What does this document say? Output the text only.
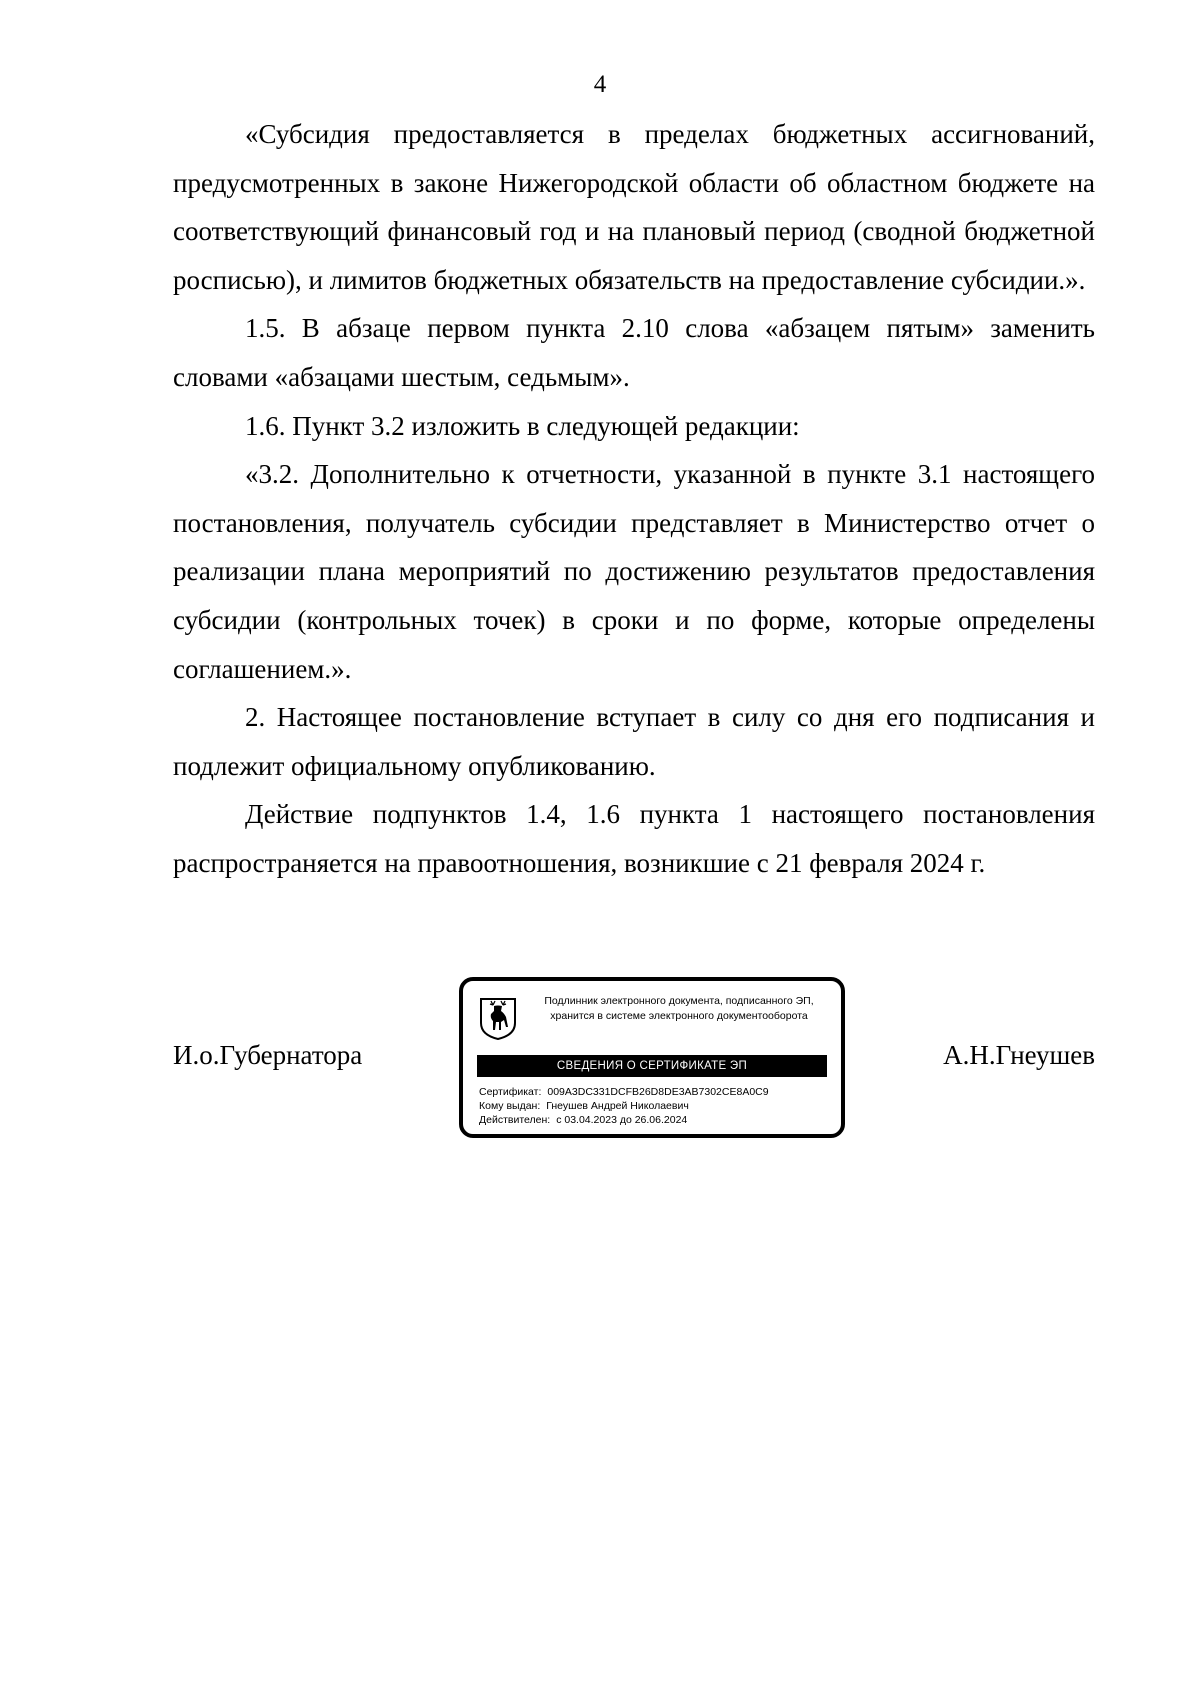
4

«Субсидия предоставляется в пределах бюджетных ассигнований, предусмотренных в законе Нижегородской области об областном бюджете на соответствующий финансовый год и на плановый период (сводной бюджетной росписью), и лимитов бюджетных обязательств на предоставление субсидии.».

1.5. В абзаце первом пункта 2.10 слова «абзацем пятым» заменить словами «абзацами шестым, седьмым».

1.6. Пункт 3.2 изложить в следующей редакции:

«3.2. Дополнительно к отчетности, указанной в пункте 3.1 настоящего постановления, получатель субсидии представляет в Министерство отчет о реализации плана мероприятий по достижению результатов предоставления субсидии (контрольных точек) в сроки и по форме, которые определены соглашением.».

2. Настоящее постановление вступает в силу со дня его подписания и подлежит официальному опубликованию.

Действие подпунктов 1.4, 1.6 пункта 1 настоящего постановления распространяется на правоотношения, возникшие с 21 февраля 2024 г.

И.о.Губернатора	А.Н.Гнеушев
Подлинник электронного документа, подписанного ЭП,
хранится в системе электронного документооборота
СВЕДЕНИЯ О СЕРТИФИКАТЕ ЭП
Сертификат: 009A3DC331DCFB26D8DE3AB7302CE8A0C9
Кому выдан: Гнеушев Андрей Николаевич
Действителен: с 03.04.2023 до 26.06.2024
